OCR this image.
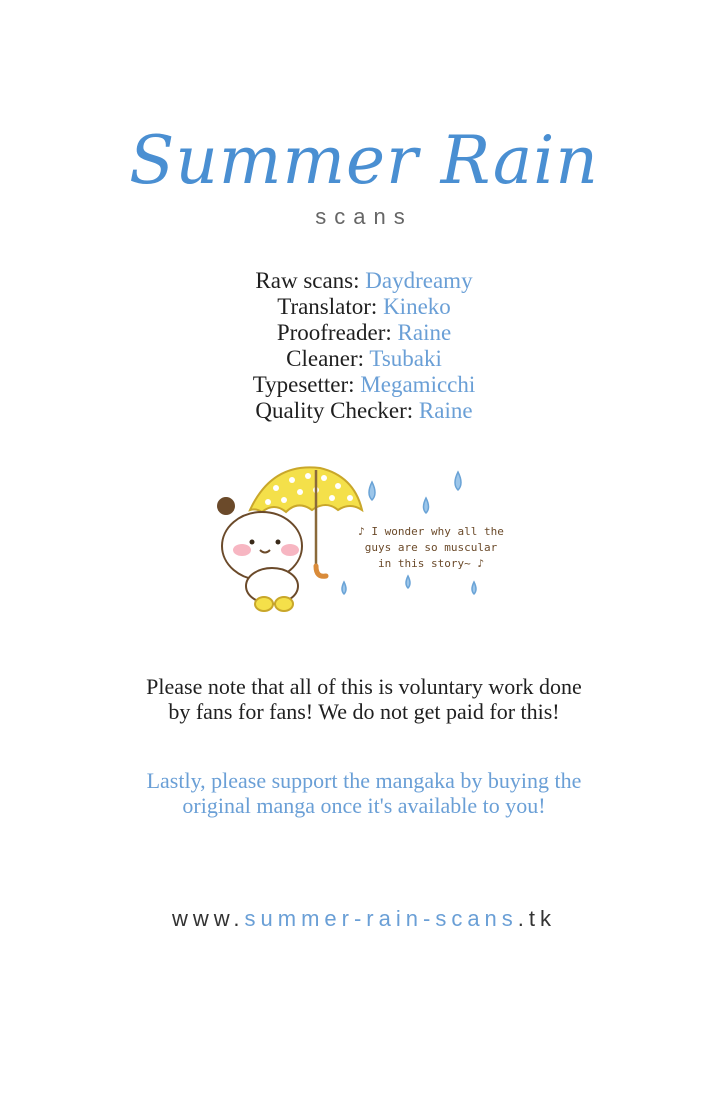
Summer Rain
scans
Raw scans: Daydreamy
Translator: Kineko
Proofreader: Raine
Cleaner: Tsubaki
Typesetter: Megamicchi
Quality Checker: Raine
♪ I wonder why all the guys are so muscular in this story~ ♪
Please note that all of this is voluntary work done by fans for fans! We do not get paid for this!
Lastly, please support the mangaka by buying the original manga once it's available to you!
www.summer-rain-scans.tk
